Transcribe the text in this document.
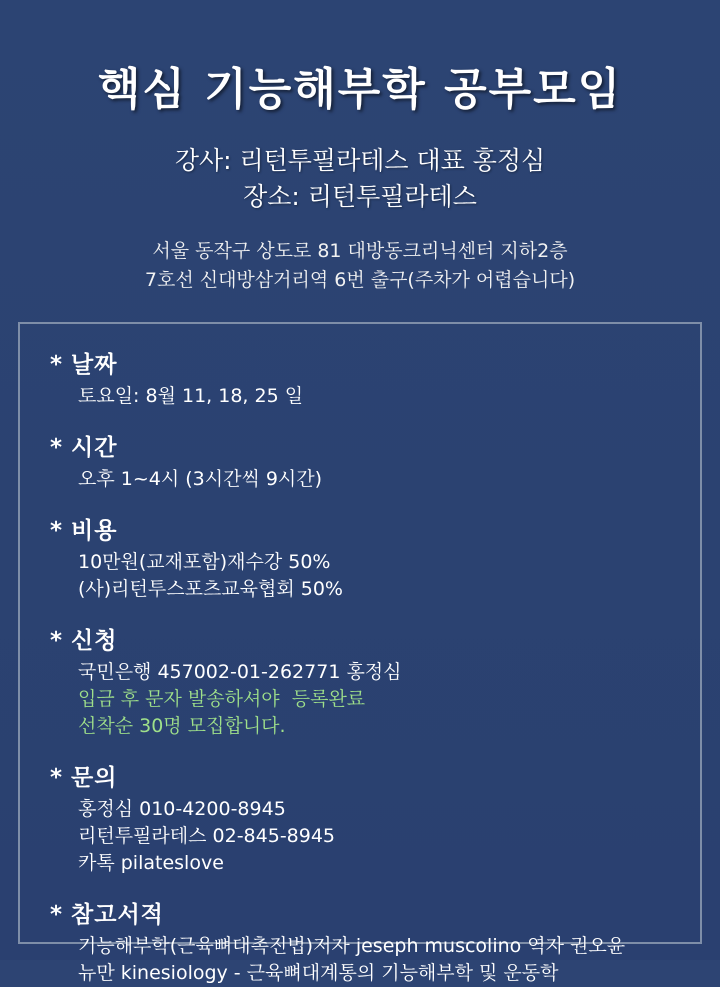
핵심 기능해부학 공부모임
강사: 리턴투필라테스 대표 홍정심
장소: 리턴투필라테스
서울 동작구 상도로 81 대방동크리닉센터 지하2층
7호선 신대방삼거리역 6번 출구(주차가 어렵습니다)
* 날짜
토요일: 8월 11, 18, 25 일
* 시간
오후 1~4시 (3시간씩 9시간)
* 비용
10만원(교재포함)재수강 50%
(사)리턴투스포츠교육협회 50%
* 신청
국민은행 457002-01-262771 홍정심
입금 후 문자 발송하셔야  등록완료
선착순 30명 모집합니다.
* 문의
홍정심 010-4200-8945
리턴투필라테스 02-845-8945
카톡 pilateslove
* 참고서적
기능해부학(근육뼈대촉진법)저자 jeseph muscolino 역자 권오윤
뉴만 kinesiology - 근육뼈대계통의 기능해부학 및 운동학
